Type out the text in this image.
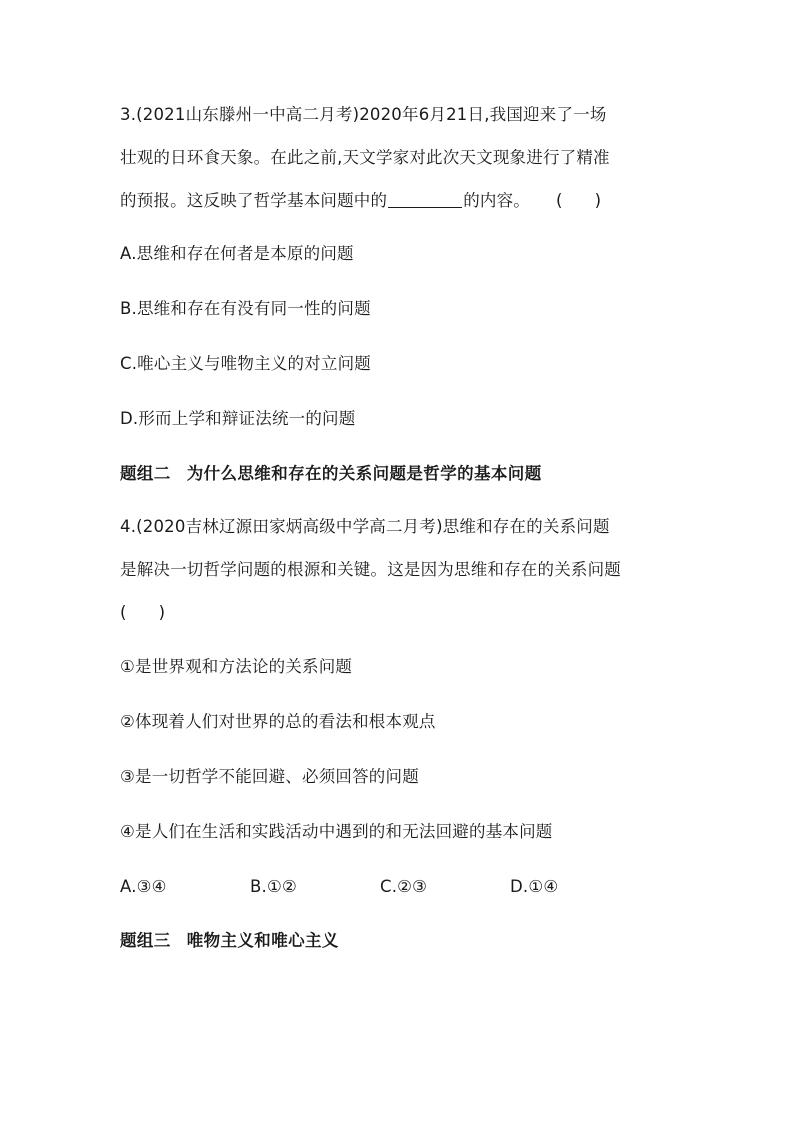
3.(2021山东滕州一中高二月考)2020年6月21日,我国迎来了一场
壮观的日环食天象。在此之前,天文学家对此次天文现象进行了精准
的预报。这反映了哲学基本问题中的	的内容。 ( )
A.思维和存在何者是本原的问题
B.思维和存在有没有同一性的问题
C.唯心主义与唯物主义的对立问题
D.形而上学和辩证法统一的问题
题组二 为什么思维和存在的关系问题是哲学的基本问题
4.(2020吉林辽源田家炳高级中学高二月考)思维和存在的关系问题
是解决一切哲学问题的根源和关键。这是因为思维和存在的关系问题
( )
①是世界观和方法论的关系问题
②体现着人们对世界的总的看法和根本观点
③是一切哲学不能回避、必须回答的问题
④是人们在生活和实践活动中遇到的和无法回避的基本问题
A.③④	B.①②	C.②③	D.①④
题组三 唯物主义和唯心主义
